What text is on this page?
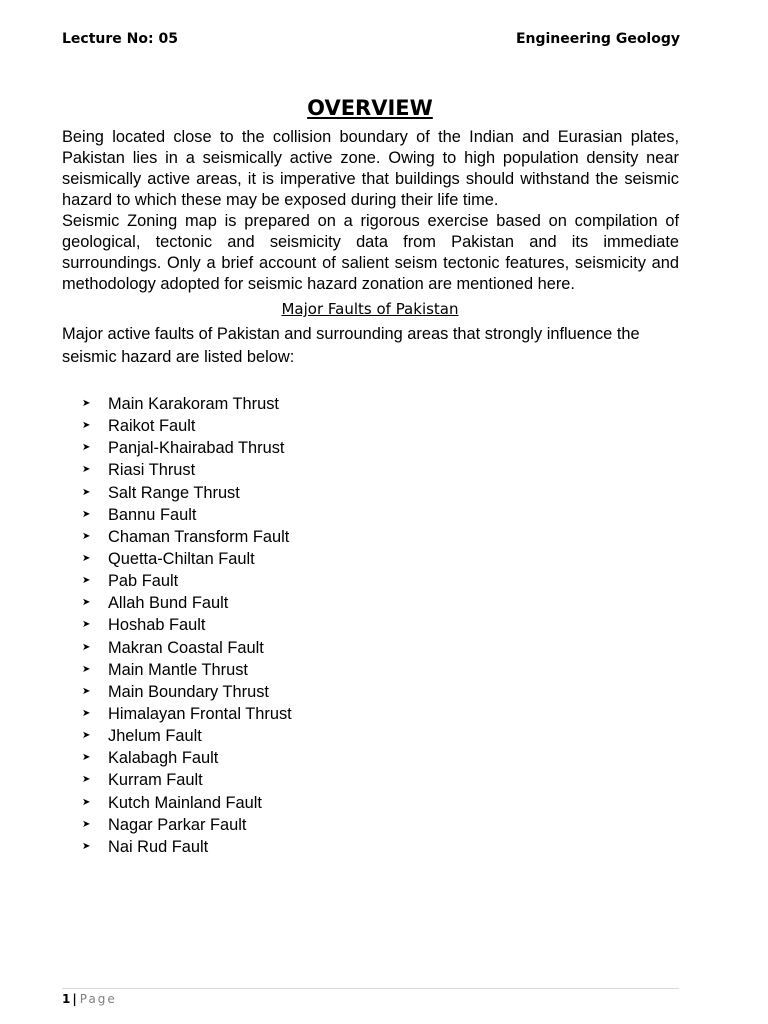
Lecture No: 05	Engineering Geology
OVERVIEW

Being located close to the collision boundary of the Indian and Eurasian plates, Pakistan lies in a seismically active zone. Owing to high population density near seismically active areas, it is imperative that buildings should withstand the seismic hazard to which these may be exposed during their life time.

Seismic Zoning map is prepared on a rigorous exercise based on compilation of geological, tectonic and seismicity data from Pakistan and its immediate surroundings. Only a brief account of salient seism tectonic features, seismicity and methodology adopted for seismic hazard zonation are mentioned here.

Major Faults of Pakistan

Major active faults of Pakistan and surrounding areas that strongly influence the seismic hazard are listed below:

➤	Main Karakoram Thrust
➤	Raikot Fault
➤	Panjal-Khairabad Thrust
➤	Riasi Thrust
➤	Salt Range Thrust
➤	Bannu Fault
➤	Chaman Transform Fault
➤	Quetta-Chiltan Fault
➤	Pab Fault
➤	Allah Bund Fault
➤	Hoshab Fault
➤	Makran Coastal Fault
➤	Main Mantle Thrust
➤	Main Boundary Thrust
➤	Himalayan Frontal Thrust
➤	Jhelum Fault
➤	Kalabagh Fault
➤	Kurram Fault
➤	Kutch Mainland Fault
➤	Nagar Parkar Fault
➤	Nai Rud Fault
1 | Page
